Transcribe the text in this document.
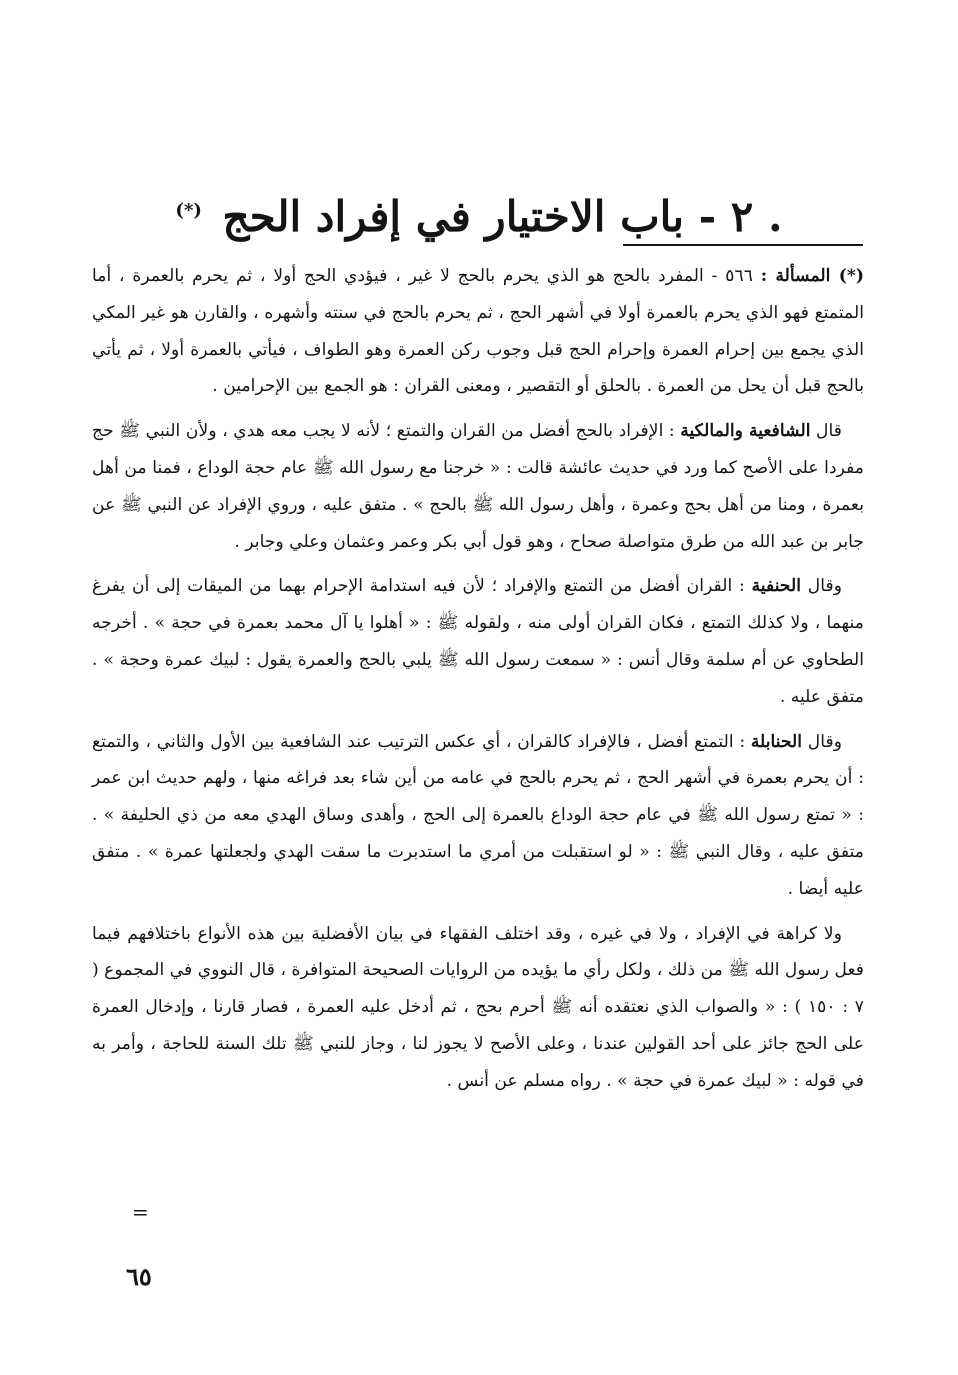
. ٢ - باب الاختيار في إفراد الحج (*)

(*) المسألة : ٥٦٦ - المفرد بالحج هو الذي يحرم بالحج لا غير ، فيؤدي الحج أولا ، ثم يحرم بالعمرة ، أما المتمتع فهو الذي يحرم بالعمرة أولا في أشهر الحج ، ثم يحرم بالحج في سنته وأشهره ، والقارن هو غير المكي الذي يجمع بين إحرام العمرة وإحرام الحج قبل وجوب ركن العمرة وهو الطواف ، فيأتي بالعمرة أولا ، ثم يأتي بالحج قبل أن يحل من العمرة . بالحلق أو التقصير ، ومعنى القران : هو الجمع بين الإحرامين .

قال الشافعية والمالكية : الإفراد بالحج أفضل من القران والتمتع ؛ لأنه لا يجب معه هدي ، ولأن النبي ﷺ حج مفردا على الأصح كما ورد في حديث عائشة قالت : « خرجنا مع رسول الله ﷺ عام حجة الوداع ، فمنا من أهل بعمرة ، ومنا من أهل بحج وعمرة ، وأهل رسول الله ﷺ بالحج » . متفق عليه ، وروي الإفراد عن النبي ﷺ عن جابر بن عبد الله من طرق متواصلة صحاح ، وهو قول أبي بكر وعمر وعثمان وعلي وجابر .

وقال الحنفية : القران أفضل من التمتع والإفراد ؛ لأن فيه استدامة الإحرام بهما من الميقات إلى أن يفرغ منهما ، ولا كذلك التمتع ، فكان القران أولى منه ، ولقوله ﷺ : « أهلوا يا آل محمد بعمرة في حجة » . أخرجه الطحاوي عن أم سلمة وقال أنس : « سمعت رسول الله ﷺ يلبي بالحج والعمرة يقول : لبيك عمرة وحجة » . متفق عليه .

وقال الحنابلة : التمتع أفضل ، فالإفراد كالقران ، أي عكس الترتيب عند الشافعية بين الأول والثاني ، والتمتع : أن يحرم بعمرة في أشهر الحج ، ثم يحرم بالحج في عامه من أين شاء بعد فراغه منها ، ولهم حديث ابن عمر : « تمتع رسول الله ﷺ في عام حجة الوداع بالعمرة إلى الحج ، وأهدى وساق الهدي معه من ذي الحليفة » . متفق عليه ، وقال النبي ﷺ : « لو استقبلت من أمري ما استدبرت ما سقت الهدي ولجعلتها عمرة » . متفق عليه أيضا .

ولا كراهة في الإفراد ، ولا في غيره ، وقد اختلف الفقهاء في بيان الأفضلية بين هذه الأنواع باختلافهم فيما فعل رسول الله ﷺ من ذلك ، ولكل رأي ما يؤيده من الروايات الصحيحة المتوافرة ، قال النووي في المجموع ( ٧ : ١٥٠ ) : « والصواب الذي نعتقده أنه ﷺ أحرم بحج ، ثم أدخل عليه العمرة ، فصار قارنا ، وإدخال العمرة على الحج جائز على أحد القولين عندنا ، وعلى الأصح لا يجوز لنا ، وجاز للنبي ﷺ تلك السنة للحاجة ، وأمر به في قوله : « لبيك عمرة في حجة » . رواه مسلم عن أنس .

=
٦٥
